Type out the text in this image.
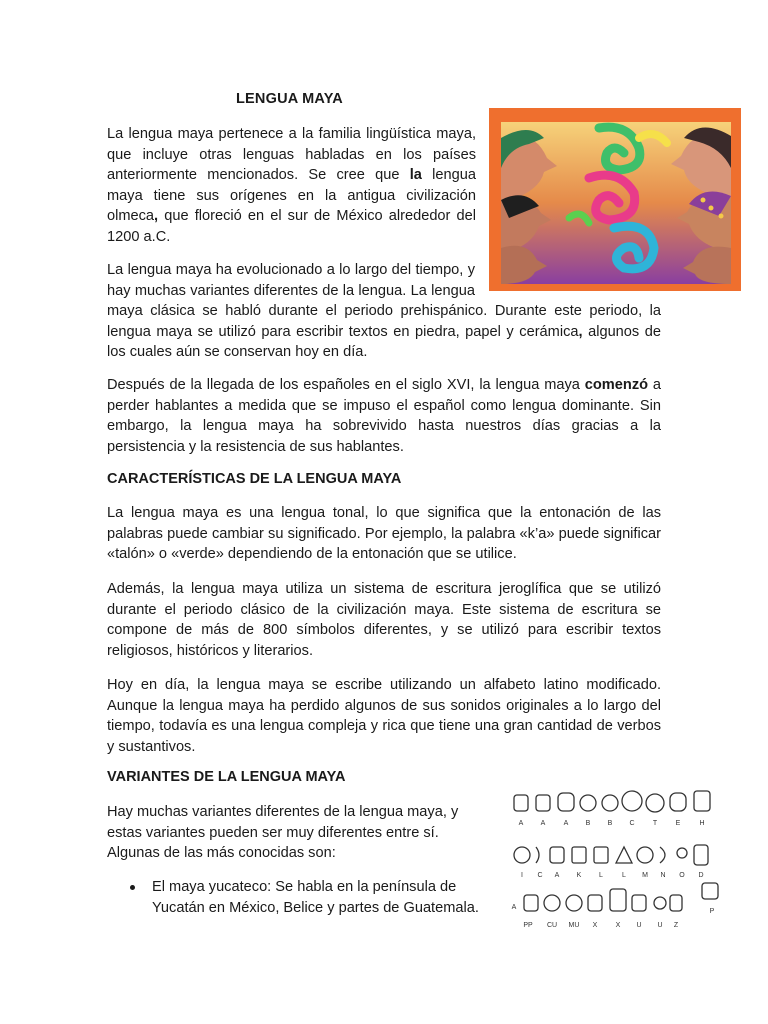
LENGUA MAYA

La lengua maya pertenece a la familia lingüística maya, que incluye otras lenguas habladas en los países anteriormente mencionados. Se cree que la lengua maya tiene sus orígenes en la antigua civilización olmeca, que floreció en el sur de México alrededor del 1200 a.C.

La lengua maya ha evolucionado a lo largo del tiempo, y hay muchas variantes diferentes de la lengua. La lengua maya clásica se habló durante el periodo prehispánico. Durante este periodo, la lengua maya se utilizó para escribir textos en piedra, papel y cerámica, algunos de los cuales aún se conservan hoy en día.

Después de la llegada de los españoles en el siglo XVI, la lengua maya comenzó a perder hablantes a medida que se impuso el español como lengua dominante. Sin embargo, la lengua maya ha sobrevivido hasta nuestros días gracias a la persistencia y la resistencia de sus hablantes.

CARACTERÍSTICAS DE LA LENGUA MAYA

La lengua maya es una lengua tonal, lo que significa que la entonación de las palabras puede cambiar su significado. Por ejemplo, la palabra «k’a» puede significar «talón» o «verde» dependiendo de la entonación que se utilice.

Además, la lengua maya utiliza un sistema de escritura jeroglífica que se utilizó durante el periodo clásico de la civilización maya. Este sistema de escritura se compone de más de 800 símbolos diferentes, y se utilizó para escribir textos religiosos, históricos y literarios.

Hoy en día, la lengua maya se escribe utilizando un alfabeto latino modificado. Aunque la lengua maya ha perdido algunos de sus sonidos originales a lo largo del tiempo, todavía es una lengua compleja y rica que tiene una gran cantidad de verbos y sustantivos.

VARIANTES DE LA LENGUA MAYA

Hay muchas variantes diferentes de la lengua maya, y estas variantes pueden ser muy diferentes entre sí. Algunas de las más conocidas son:

El maya yucateco: Se habla en la península de Yucatán en México, Belice y partes de Guatemala.
A A	A B B C	T	E	H
I C A K	L	L M N O D
A
P
PP CU MU X	X U U Z
